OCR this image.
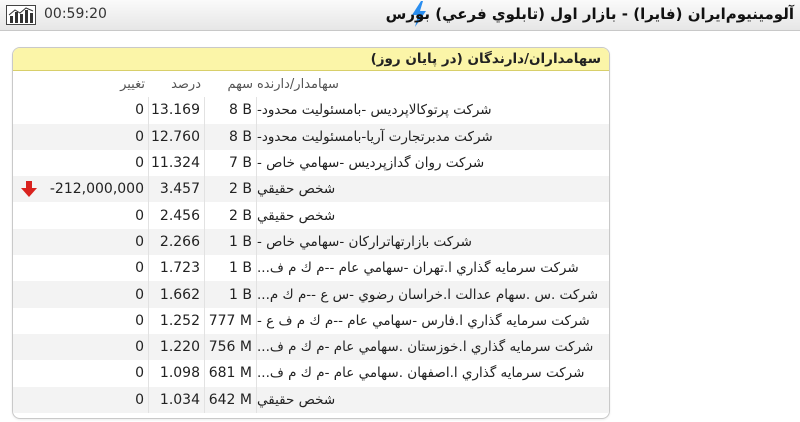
00:59:20	آلومينيوم‌ايران (فايرا) - بازار اول (تابلوي فرعي) بورس
سهامداران/دارندگان (در پايان روز)
تغيير	درصد	سهم سهامدار/دارنده
0 13.169	8 B شركت پرتوكالاپرديس -بامسئوليت محدود-
0 12.760	8 B شركت مدبرتجارت آريا-بامسئوليت محدود-
0 11.324	7 B شركت روان گدازپرديس -سهامي خاص -
-212,000,000	3.457	2 B شخص حقيقي
0	2.456	2 B شخص حقيقي
0	2.266	1 B شركت بازارتهاتراركان -سهامي خاص -
0	1.723	1 B شركت سرمايه گذاري ا.تهران -سهامي عام --م ك م ف...
0	1.662	1 B شركت .س .سهام عدالت ا.خراسان رضوي -س ع --م ك م...
0	1.252 777 M شركت سرمايه گذاري ا.فارس -سهامي عام --م ك م ف ع -
0	1.220 756 M شركت سرمايه گذاري ا.خوزستان .سهامي عام -م ك م ف...
0	1.098 681 M شركت سرمايه گذاري ا.اصفهان .سهامي عام -م ك م ف...
0	1.034 642 M شخص حقيقي
